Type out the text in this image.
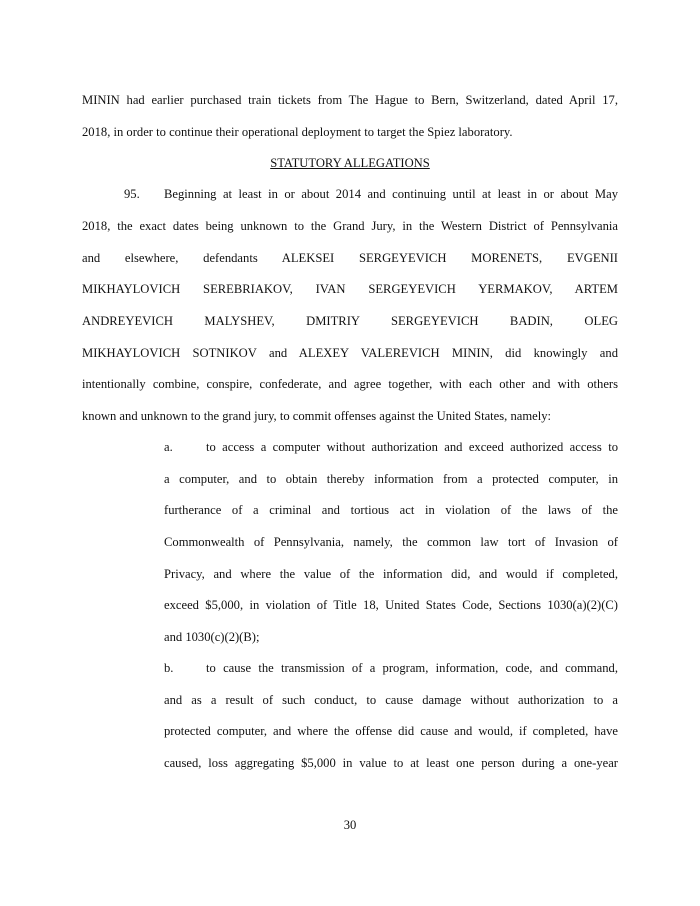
MININ had earlier purchased train tickets from The Hague to Bern, Switzerland, dated April 17,
2018, in order to continue their operational deployment to target the Spiez laboratory.
STATUTORY ALLEGATIONS
95. Beginning at least in or about 2014 and continuing until at least in or about May
2018, the exact dates being unknown to the Grand Jury, in the Western District of Pennsylvania
and elsewhere, defendants ALEKSEI SERGEYEVICH MORENETS, EVGENII
MIKHAYLOVICH SEREBRIAKOV, IVAN SERGEYEVICH YERMAKOV, ARTEM
ANDREYEVICH MALYSHEV, DMITRIY SERGEYEVICH BADIN, OLEG
MIKHAYLOVICH SOTNIKOV and ALEXEY VALEREVICH MININ, did knowingly and
intentionally combine, conspire, confederate, and agree together, with each other and with others
known and unknown to the grand jury, to commit offenses against the United States, namely:
a.	to access a computer without authorization and exceed authorized access to
a computer, and to obtain thereby information from a protected computer, in
furtherance of a criminal and tortious act in violation of the laws of the
Commonwealth of Pennsylvania, namely, the common law tort of Invasion of
Privacy, and where the value of the information did, and would if completed,
exceed $5,000, in violation of Title 18, United States Code, Sections 1030(a)(2)(C)
and 1030(c)(2)(B);
b.	to cause the transmission of a program, information, code, and command,
and as a result of such conduct, to cause damage without authorization to a
protected computer, and where the offense did cause and would, if completed, have
caused, loss aggregating $5,000 in value to at least one person during a one-year
30
